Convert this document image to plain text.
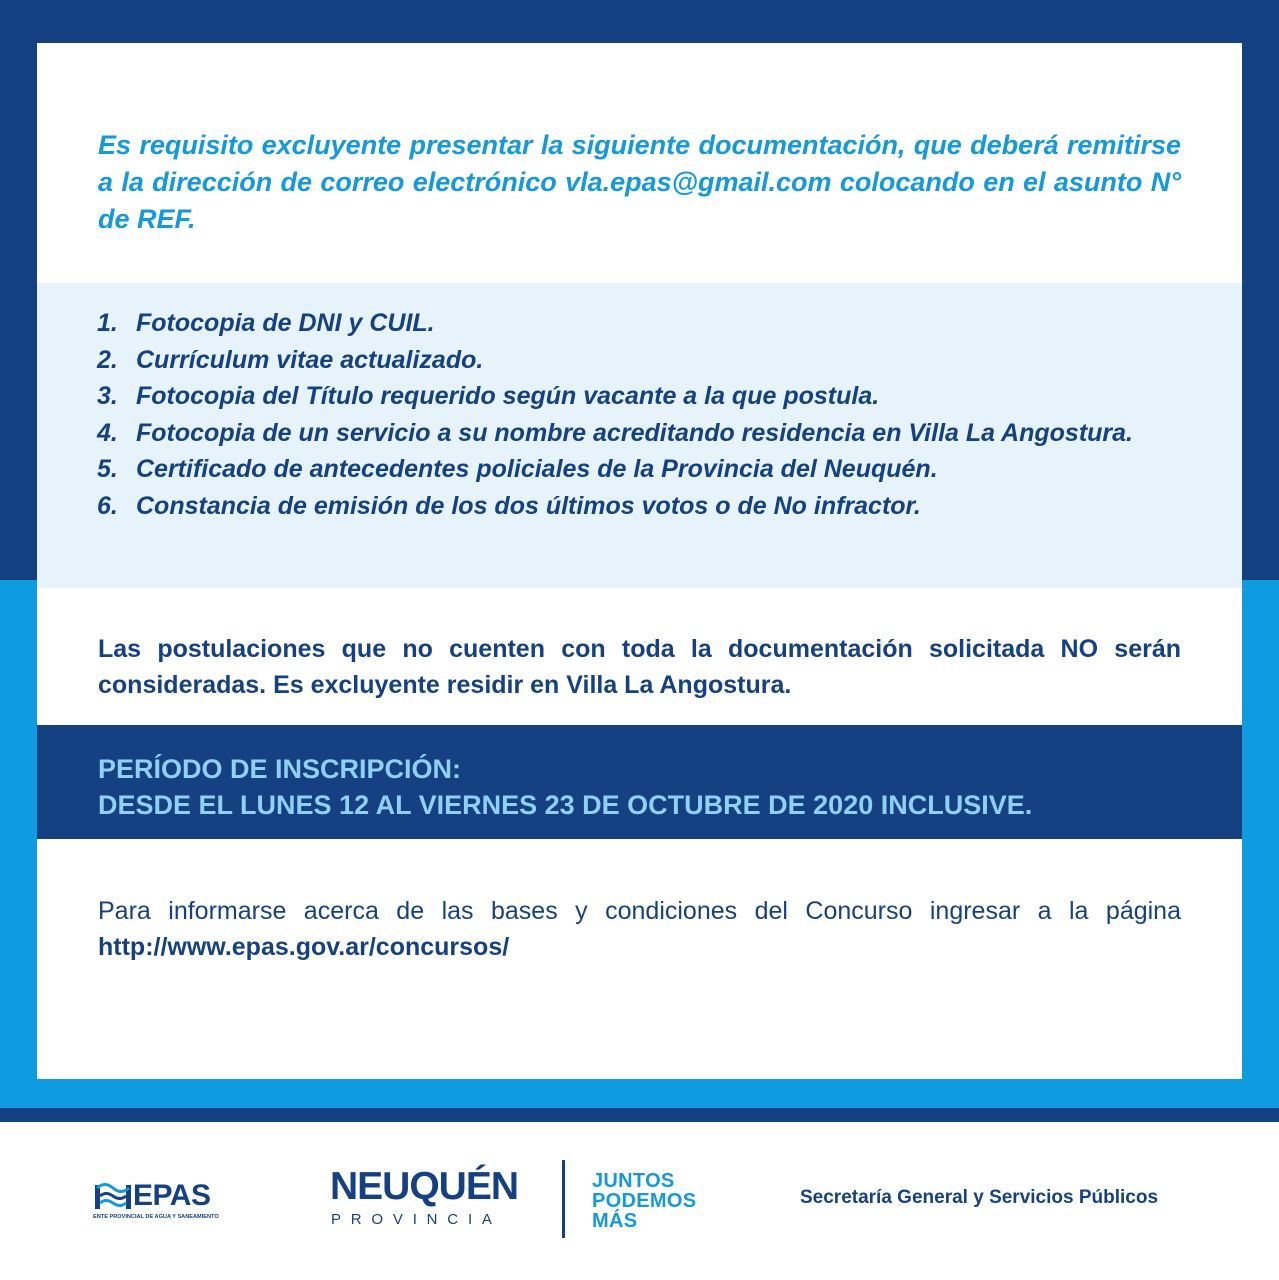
Es requisito excluyente presentar la siguiente documentación, que deberá remitirse a la dirección de correo electrónico vla.epas@gmail.com colocando en el asunto N° de REF.

1. Fotocopia de DNI y CUIL.
2. Currículum vitae actualizado.
3. Fotocopia del Título requerido según vacante a la que postula.
4. Fotocopia de un servicio a su nombre acreditando residencia en Villa La Angostura.
5. Certificado de antecedentes policiales de la Provincia del Neuquén.
6. Constancia de emisión de los dos últimos votos o de No infractor.

Las postulaciones que no cuenten con toda la documentación solicitada NO serán consideradas. Es excluyente residir en Villa La Angostura.

PERÍODO DE INSCRIPCIÓN:
DESDE EL LUNES 12 AL VIERNES 23 DE OCTUBRE DE 2020 INCLUSIVE.

Para informarse acerca de las bases y condiciones del Concurso ingresar a la página http://www.epas.gov.ar/concursos/

EPAS
ENTE PROVINCIAL DE AGUA Y SANEAMIENTO
NEUQUÉN
PROVINCIA
JUNTOS
PODEMOS
MÁS
Secretaría General y Servicios Públicos
